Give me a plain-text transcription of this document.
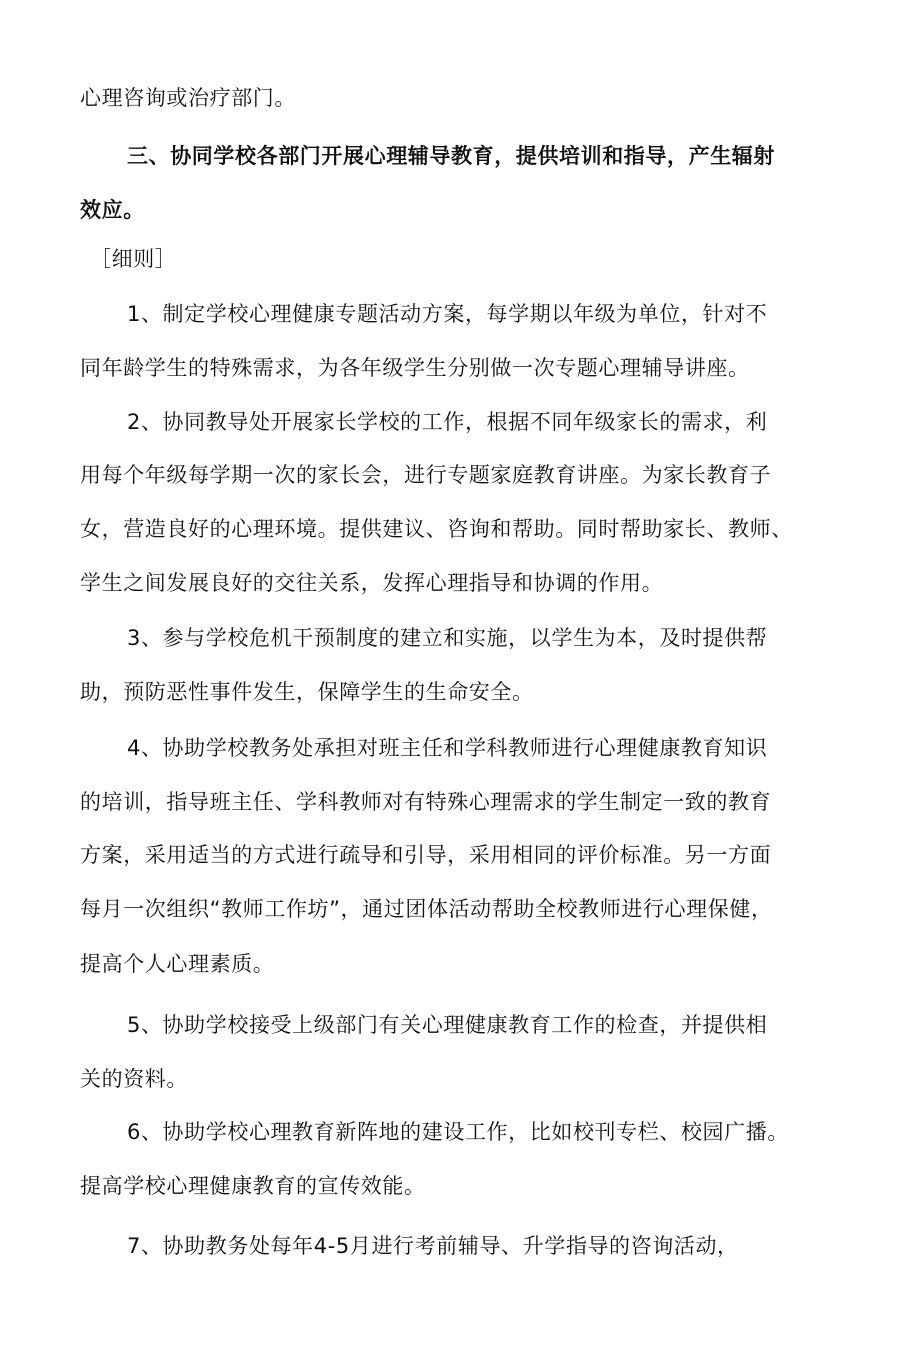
心理咨询或治疗部门。
三、协同学校各部门开展心理辅导教育，提供培训和指导，产生辐射
效应。
［细则］
1、制定学校心理健康专题活动方案，每学期以年级为单位，针对不
同年龄学生的特殊需求，为各年级学生分别做一次专题心理辅导讲座。
2、协同教导处开展家长学校的工作，根据不同年级家长的需求，利
用每个年级每学期一次的家长会，进行专题家庭教育讲座。为家长教育子
女，营造良好的心理环境。提供建议、咨询和帮助。同时帮助家长、教师、
学生之间发展良好的交往关系，发挥心理指导和协调的作用。
3、参与学校危机干预制度的建立和实施，以学生为本，及时提供帮
助，预防恶性事件发生，保障学生的生命安全。
4、协助学校教务处承担对班主任和学科教师进行心理健康教育知识
的培训，指导班主任、学科教师对有特殊心理需求的学生制定一致的教育
方案，采用适当的方式进行疏导和引导，采用相同的评价标准。另一方面
每月一次组织“教师工作坊”，通过团体活动帮助全校教师进行心理保健，
提高个人心理素质。
5、协助学校接受上级部门有关心理健康教育工作的检查，并提供相
关的资料。
6、协助学校心理教育新阵地的建设工作，比如校刊专栏、校园广播。
提高学校心理健康教育的宣传效能。
7、协助教务处每年4-5月进行考前辅导、升学指导的咨询活动，
